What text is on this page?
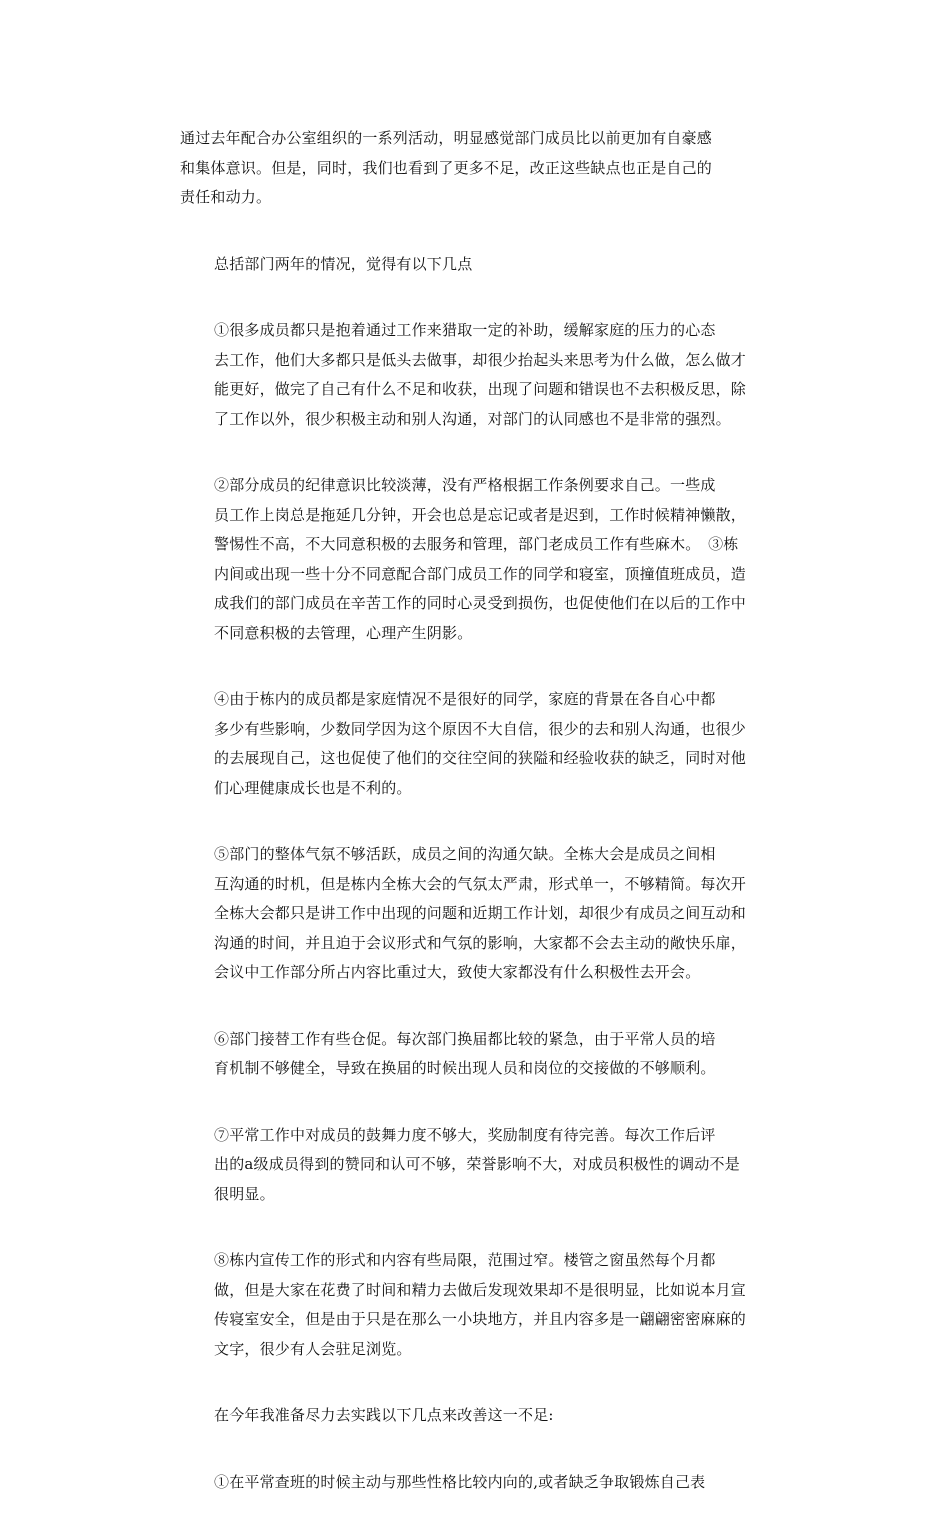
通过去年配合办公室组织的一系列活动，明显感觉部门成员比以前更加有自豪感
和集体意识。但是，同时，我们也看到了更多不足，改正这些缺点也正是自己的
责任和动力。

总括部门两年的情况，觉得有以下几点

①很多成员都只是抱着通过工作来猎取一定的补助，缓解家庭的压力的心态
去工作，他们大多都只是低头去做事，却很少抬起头来思考为什么做，怎么做才
能更好，做完了自己有什么不足和收获，出现了问题和错误也不去积极反思，除
了工作以外，很少积极主动和别人沟通，对部门的认同感也不是非常的强烈。

②部分成员的纪律意识比较淡薄，没有严格根据工作条例要求自己。一些成
员工作上岗总是拖延几分钟，开会也总是忘记或者是迟到，工作时候精神懒散，
警惕性不高，不大同意积极的去服务和管理，部门老成员工作有些麻木。　③栋
内间或出现一些十分不同意配合部门成员工作的同学和寝室，顶撞值班成员，造
成我们的部门成员在辛苦工作的同时心灵受到损伤，也促使他们在以后的工作中
不同意积极的去管理，心理产生阴影。

④由于栋内的成员都是家庭情况不是很好的同学，家庭的背景在各自心中都
多少有些影响，少数同学因为这个原因不大自信，很少的去和别人沟通，也很少
的去展现自己，这也促使了他们的交往空间的狭隘和经验收获的缺乏，同时对他
们心理健康成长也是不利的。

⑤部门的整体气氛不够活跃，成员之间的沟通欠缺。全栋大会是成员之间相
互沟通的时机，但是栋内全栋大会的气氛太严肃，形式单一，不够精简。每次开
全栋大会都只是讲工作中出现的问题和近期工作计划，却很少有成员之间互动和
沟通的时间，并且迫于会议形式和气氛的影响，大家都不会去主动的敞快乐扉，
会议中工作部分所占内容比重过大，致使大家都没有什么积极性去开会。

⑥部门接替工作有些仓促。每次部门换届都比较的紧急，由于平常人员的培
育机制不够健全，导致在换届的时候出现人员和岗位的交接做的不够顺利。

⑦平常工作中对成员的鼓舞力度不够大，奖励制度有待完善。每次工作后评
出的a级成员得到的赞同和认可不够，荣誉影响不大，对成员积极性的调动不是
很明显。

⑧栋内宣传工作的形式和内容有些局限，范围过窄。楼管之窗虽然每个月都
做，但是大家在花费了时间和精力去做后发现效果却不是很明显，比如说本月宣
传寝室安全，但是由于只是在那么一小块地方，并且内容多是一翩翩密密麻麻的
文字，很少有人会驻足浏览。

在今年我准备尽力去实践以下几点来改善这一不足:

①在平常查班的时候主动与那些性格比较内向的,或者缺乏争取锻炼自己表
